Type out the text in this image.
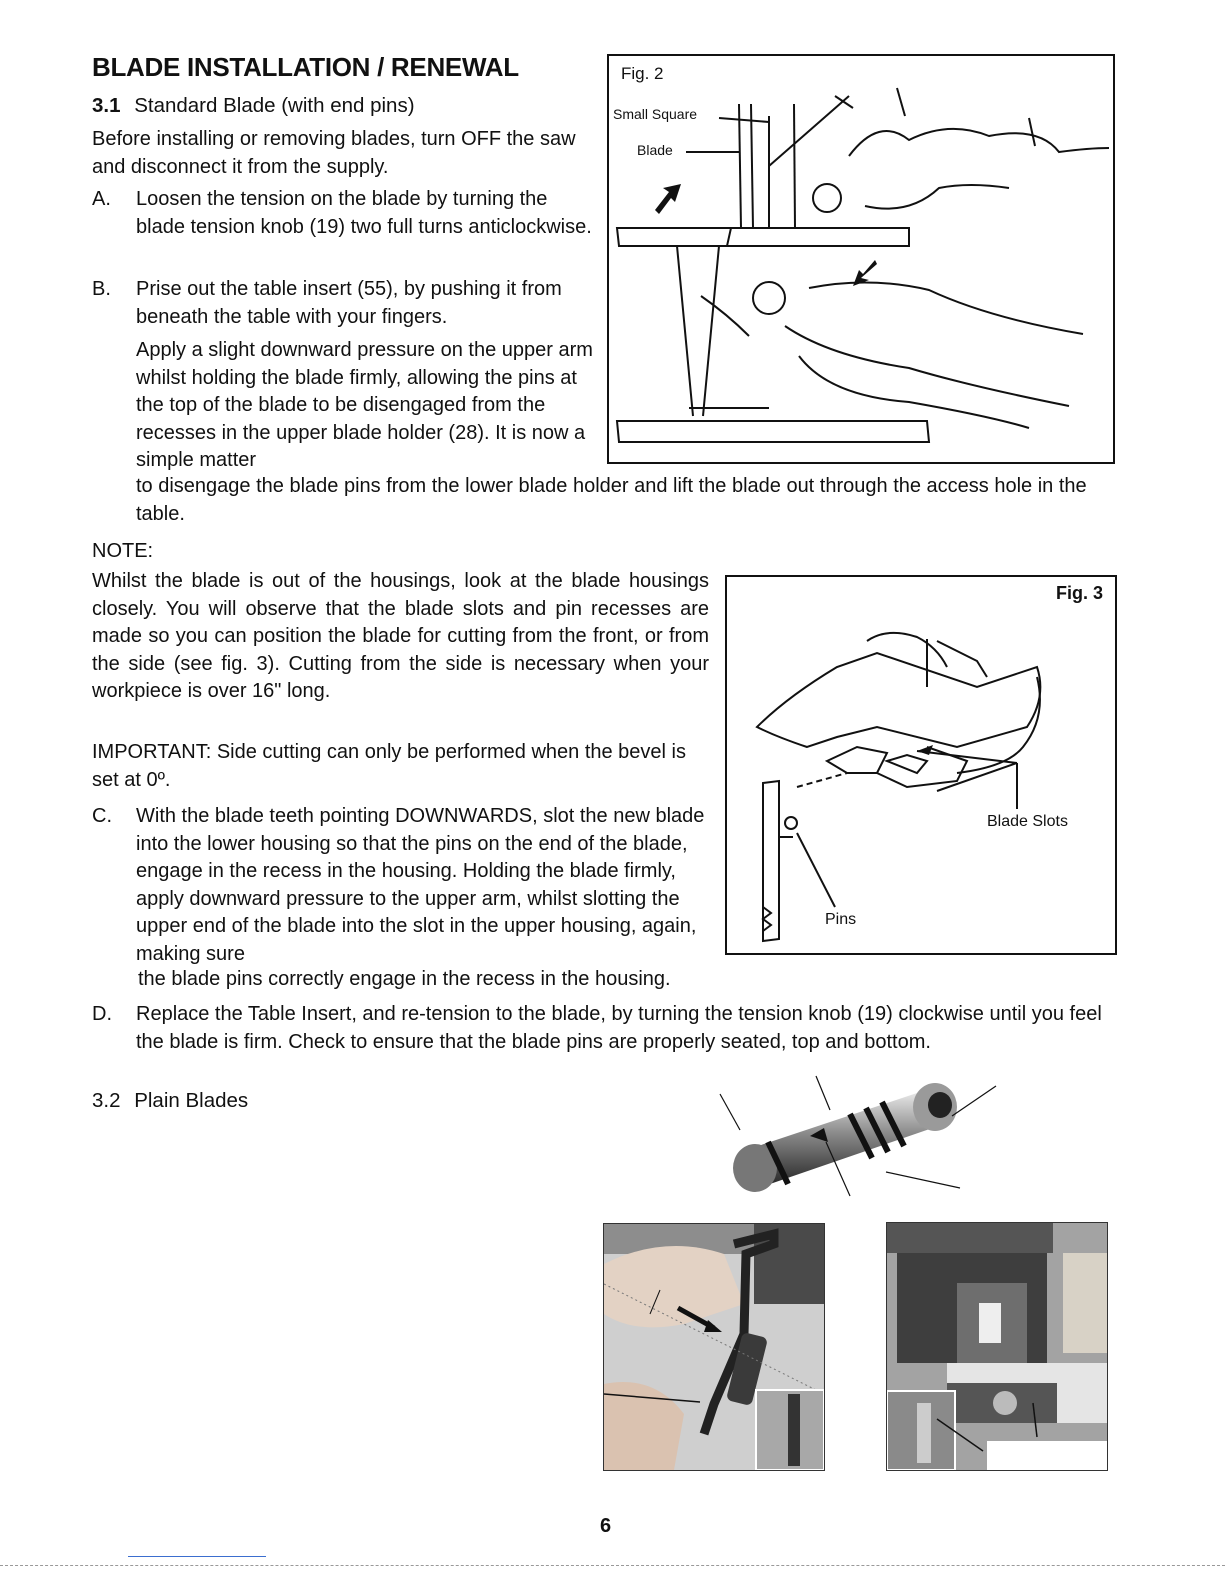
BLADE INSTALLATION / RENEWAL
3.1 Standard Blade (with end pins)
Before installing or removing blades, turn OFF the saw and disconnect it from the supply.
A.	Loosen the tension on the blade by turning the blade tension knob (19) two full turns anticlockwise.
B.	Prise out the table insert (55), by pushing it from beneath the table with your fingers.
Apply a slight downward pressure on the upper arm whilst holding the blade firmly, allowing the pins at the top of the blade to be disengaged from the recesses in the upper blade holder (28). It is now a simple matter
to disengage the blade pins from the lower blade holder and lift the blade out through the access hole in the table.
Fig. 2
Small Square
Blade
NOTE:
Whilst the blade is out of the housings, look at the blade housings closely. You will observe that the blade slots and pin recesses are made so you can position the blade for cutting from the front, or from the side (see fig. 3). Cutting from the side is necessary when your workpiece is over 16" long.
IMPORTANT: Side cutting can only be performed when the bevel is set at 0º.
Fig. 3
Blade Slots
Pins
C.	With the blade teeth pointing DOWNWARDS, slot the new blade into the lower housing so that the pins on the end of the blade, engage in the recess in the housing. Holding the blade firmly, apply downward pressure to the upper arm, whilst slotting the upper end of the blade into the slot in the upper housing, again, making sure
the blade pins correctly engage in the recess in the housing.
D.	Replace the Table Insert, and re-tension to the blade, by turning the tension knob (19) clockwise until you feel the blade is firm. Check to ensure that the blade pins are properly seated, top and bottom.
3.2 Plain Blades
6
